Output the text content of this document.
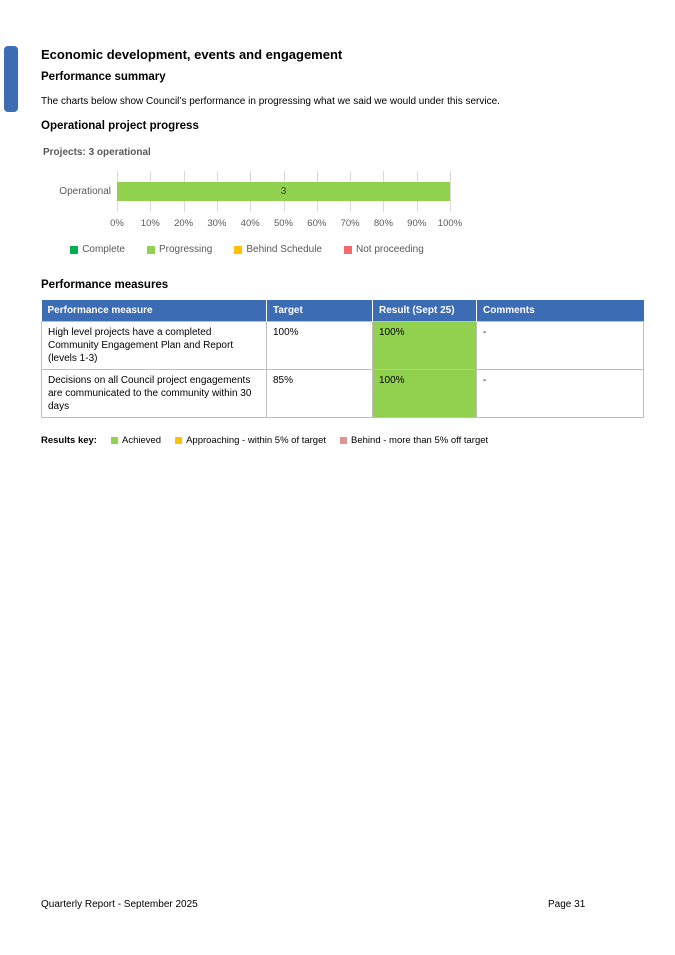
Economic development, events and engagement
Performance summary
The charts below show Council’s performance in progressing what we said we would under this service.
Operational project progress
Projects: 3 operational
Operational	3
0% 10% 20% 30% 40% 50% 60% 70% 80% 90% 100%
Complete	Progressing	Behind Schedule	Not proceeding
Performance measures
Performance measure	Target	Result (Sept 25)	Comments
High level projects have a completed Community Engagement Plan and Report (levels 1-3)	100%	100%	-
Decisions on all Council project engagements are communicated to the community within 30 days	85%	100%	-
Results key:	Achieved	Approaching - within 5% of target	Behind - more than 5% off target
Quarterly Report - September 2025	Page 31
